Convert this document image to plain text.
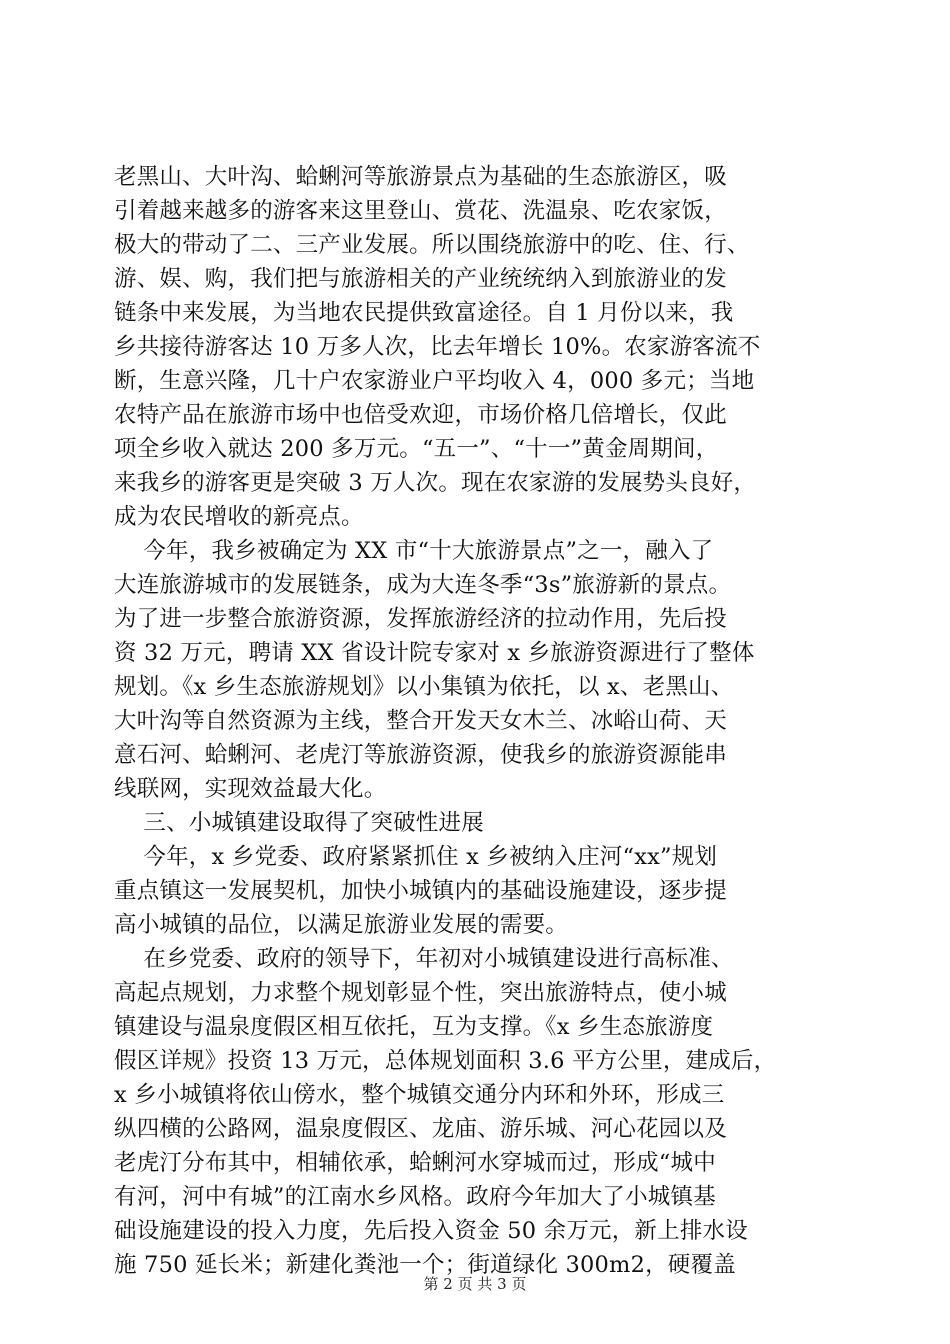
老黑山、大叶沟、蛤蜊河等旅游景点为基础的生态旅游区，吸
引着越来越多的游客来这里登山、赏花、洗温泉、吃农家饭，
极大的带动了二、三产业发展。所以围绕旅游中的吃、住、行、
游、娱、购，我们把与旅游相关的产业统统纳入到旅游业的发
链条中来发展，为当地农民提供致富途径。自 1 月份以来，我
乡共接待游客达 10 万多人次，比去年增长 10%。农家游客流不
断，生意兴隆，几十户农家游业户平均收入 4，000 多元；当地
农特产品在旅游市场中也倍受欢迎，市场价格几倍增长，仅此
项全乡收入就达 200 多万元。“五一”、“十一”黄金周期间，
来我乡的游客更是突破 3 万人次。现在农家游的发展势头良好，
成为农民增收的新亮点。
今年，我乡被确定为 XX 市“十大旅游景点”之一，融入了
大连旅游城市的发展链条，成为大连冬季“3s”旅游新的景点。
为了进一步整合旅游资源，发挥旅游经济的拉动作用，先后投
资 32 万元，聘请 XX 省设计院专家对 x 乡旅游资源进行了整体
规划。《x 乡生态旅游规划》以小集镇为依托，以 x、老黑山、
大叶沟等自然资源为主线，整合开发天女木兰、冰峪山荷、天
意石河、蛤蜊河、老虎汀等旅游资源，使我乡的旅游资源能串
线联网，实现效益最大化。
三、小城镇建设取得了突破性进展
今年，x 乡党委、政府紧紧抓住 x 乡被纳入庄河“xx”规划
重点镇这一发展契机，加快小城镇内的基础设施建设，逐步提
高小城镇的品位，以满足旅游业发展的需要。
在乡党委、政府的领导下，年初对小城镇建设进行高标准、
高起点规划，力求整个规划彰显个性，突出旅游特点，使小城
镇建设与温泉度假区相互依托，互为支撑。《x 乡生态旅游度
假区详规》投资 13 万元，总体规划面积 3.6 平方公里，建成后，
x 乡小城镇将依山傍水，整个城镇交通分内环和外环，形成三
纵四横的公路网，温泉度假区、龙庙、游乐城、河心花园以及
老虎汀分布其中，相辅依承，蛤蜊河水穿城而过，形成“城中
有河，河中有城”的江南水乡风格。政府今年加大了小城镇基
础设施建设的投入力度，先后投入资金 50 余万元，新上排水设
施 750 延长米；新建化粪池一个；街道绿化 300m2，硬覆盖
第 2 页 共 3 页
